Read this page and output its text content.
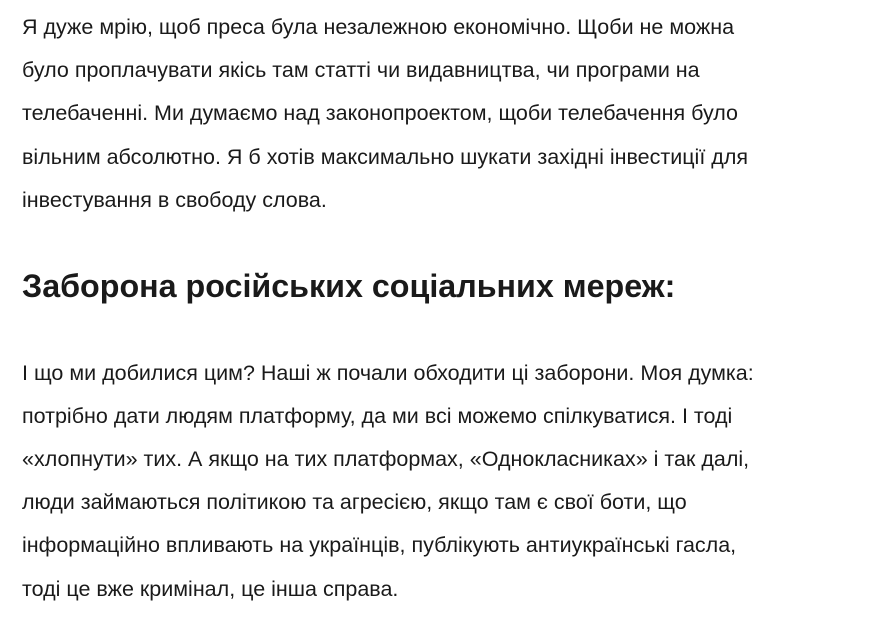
Я дуже мрію, щоб преса була незалежною економічно. Щоби не можна
було проплачувати якісь там статті чи видавництва, чи програми на
телебаченні. Ми думаємо над законопроектом, щоби телебачення було
вільним абсолютно. Я б хотів максимально шукати західні інвестиції для
інвестування в свободу слова.

Заборона російських соціальних мереж:

І що ми добилися цим? Наші ж почали обходити ці заборони. Моя думка:
потрібно дати людям платформу, да ми всі можемо спілкуватися. І тоді
«хлопнути» тих. А якщо на тих платформах, «Однокласниках» і так далі,
люди займаються політикою та агресією, якщо там є свої боти, що
інформаційно впливають на українців, публікують антиукраїнські гасла,
тоді це вже кримінал, це інша справа.
